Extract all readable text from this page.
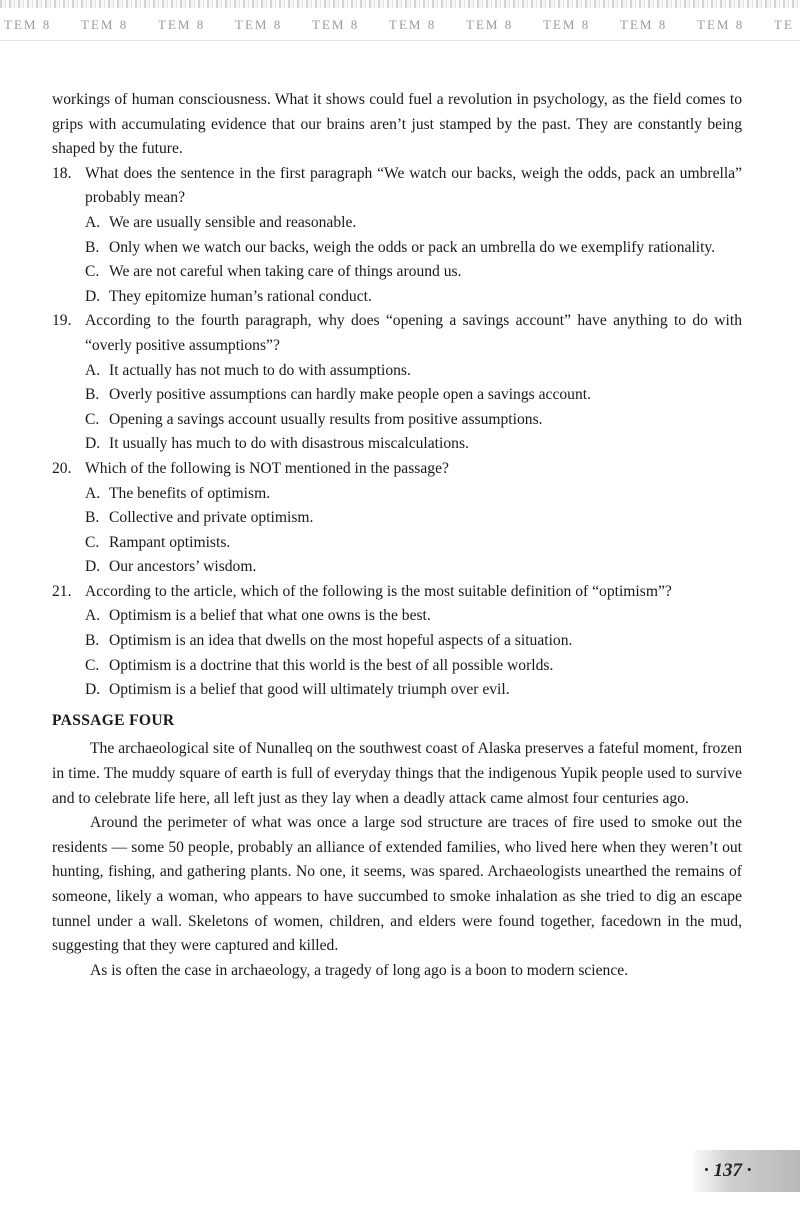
TEM 8	TEM 8	TEM 8	TEM 8	TEM 8	TEM 8	TEM 8	TEM 8	TEM 8	TEM 8	TE

workings of human consciousness. What it shows could fuel a revolution in psychology, as the field comes to grips with accumulating evidence that our brains aren’t just stamped by the past. They are constantly being shaped by the future.

18. What does the sentence in the first paragraph “We watch our backs, weigh the odds, pack an umbrella” probably mean?

A. We are usually sensible and reasonable.

B. Only when we watch our backs, weigh the odds or pack an umbrella do we exemplify rationality.

C. We are not careful when taking care of things around us.

D. They epitomize human’s rational conduct.

19. According to the fourth paragraph, why does “opening a savings account” have anything to do with “overly positive assumptions”?

A. It actually has not much to do with assumptions.

B. Overly positive assumptions can hardly make people open a savings account.

C. Opening a savings account usually results from positive assumptions.

D. It usually has much to do with disastrous miscalculations.

20. Which of the following is NOT mentioned in the passage?

A. The benefits of optimism.

B. Collective and private optimism.

C. Rampant optimists.

D. Our ancestors’ wisdom.

21. According to the article, which of the following is the most suitable definition of “optimism”?

A. Optimism is a belief that what one owns is the best.

B. Optimism is an idea that dwells on the most hopeful aspects of a situation.

C. Optimism is a doctrine that this world is the best of all possible worlds.

D. Optimism is a belief that good will ultimately triumph over evil.

PASSAGE FOUR

The archaeological site of Nunalleq on the southwest coast of Alaska preserves a fateful moment, frozen in time. The muddy square of earth is full of everyday things that the indigenous Yupik people used to survive and to celebrate life here, all left just as they lay when a deadly attack came almost four centuries ago.

Around the perimeter of what was once a large sod structure are traces of fire used to smoke out the residents — some 50 people, probably an alliance of extended families, who lived here when they weren’t out hunting, fishing, and gathering plants. No one, it seems, was spared. Archaeologists unearthed the remains of someone, likely a woman, who appears to have succumbed to smoke inhalation as she tried to dig an escape tunnel under a wall. Skeletons of women, children, and elders were found together, facedown in the mud, suggesting that they were captured and killed.

As is often the case in archaeology, a tragedy of long ago is a boon to modern science.

· 137 ·
